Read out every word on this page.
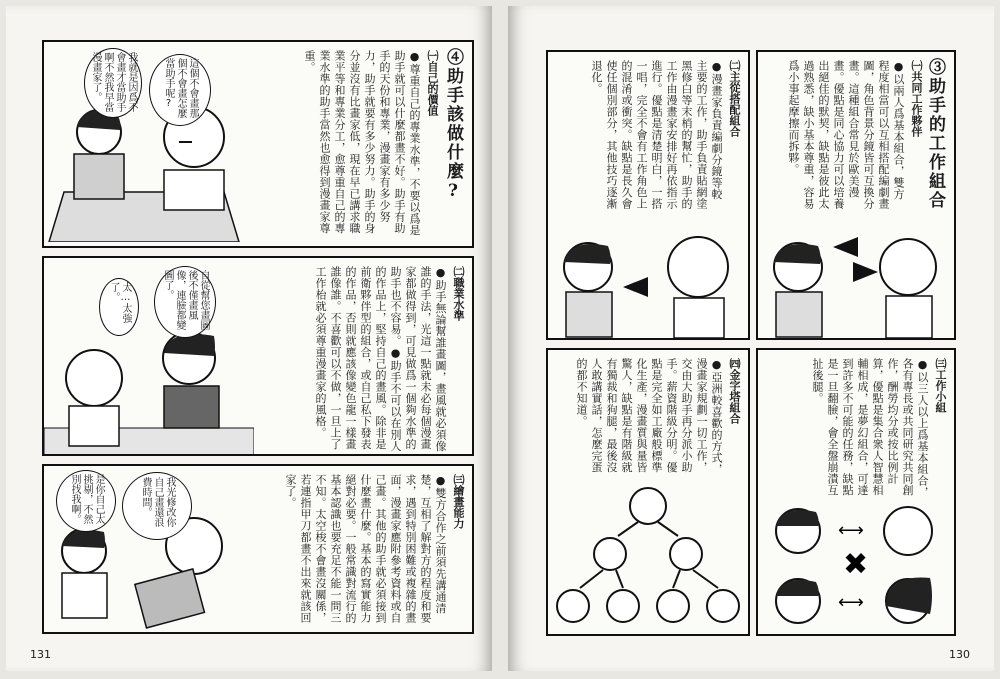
④助手該做什麼?
㈠自己的價值
●尊重自己的專業水準，不要以爲是助手就可以什麼都畫不好。助手有助手的天份和專業，漫畫家有多少努力，助手就要有多少努力。助手的身分並沒有比畫家低，現在早已講求職業平等和專業分工，愈尊重自己的專業水準的助手當然也愈得到漫畫家尊重。
這個不會畫那個不會畫怎麼當助手呢?
我就是因爲不會畫才當助手啊不然我早當漫畫家了。
㈡職業水準
●助手無論幫誰畫圖，畫風就必須像誰的手法，光這一點就未必每個漫畫家都做得到，可見做爲一個夠水準的助手也不容易。●助手不可以在別人的作品上，堅持自己的畫風。除非是前衛夥伴型的組合，或自己私下發表的作品，否則就應該像變色龍一樣畫誰像誰。不喜歡可以不做，一旦上了工作枱就必須尊重漫畫家的風格。
自從幫您畫圖後不僅畫風像，連臉都變圖了。
太…太強了。
㈢繪畫能力
●雙方合作之前須先溝通清楚，互相了解對方的程度和要求，遇到特別困難或複雜的畫面，漫畫家應附參考資料或自己畫。其他的助手就必須接到什麼畫什麼。基本的寫實能力絕對必要。一般常識對流行的基本認識也要充足不能一問三不知。太空梭不會畫沒關係，若連指甲刀都畫不出來就該回家了。
我光修改你自己畫還浪費時間。
是你自己太挑剔，不然別找我啊。
131
③助手的工作組合
㈠共同工作夥伴
●以兩人爲基本組合，雙方程度相當可以互相搭配編劇畫圖，角色背景分鏡皆可互換分畫。這種組合常見於歐美漫畫。優點是同心協力可以培養出絕佳的默契，缺點是彼此太過熟悉，缺小基本尊重，容易爲小事起摩擦而拆夥。
㈡主從搭配組合
●漫畫家負責編劇分鏡等較主要的工作，助手負責貼網塗黑修白等末梢的幫忙，助手的工作由漫畫家安排好再依指示進行。優點是清楚明白，一搭一唱，完全不會有工作角色上的混淆或衝突。缺點是長久會使任個別部分，其他技巧逐漸退化。
㈢工作小組
●以三人以上爲基本組合，各有專長或共同研究共同創作，酬勞均分或按比例計算，優點是集合衆人智慧相輔相成，是夢幻組合，可達到許多不可能的任務，缺點是一旦翻臉，會全盤崩潰互扯後腿。
✖
⟷
⟷
㈣金字塔組合
●亞洲較喜歡的方式，漫畫家規劃一切工作，交由大助手再分派小助手。薪資階級分明。優點是完全如工廠般標準化生產，漫畫質與量皆驚人，缺點是有階級就有獨裁和狗腿，最後沒人敢講實話，怎麼完蛋的都不知道。
130
